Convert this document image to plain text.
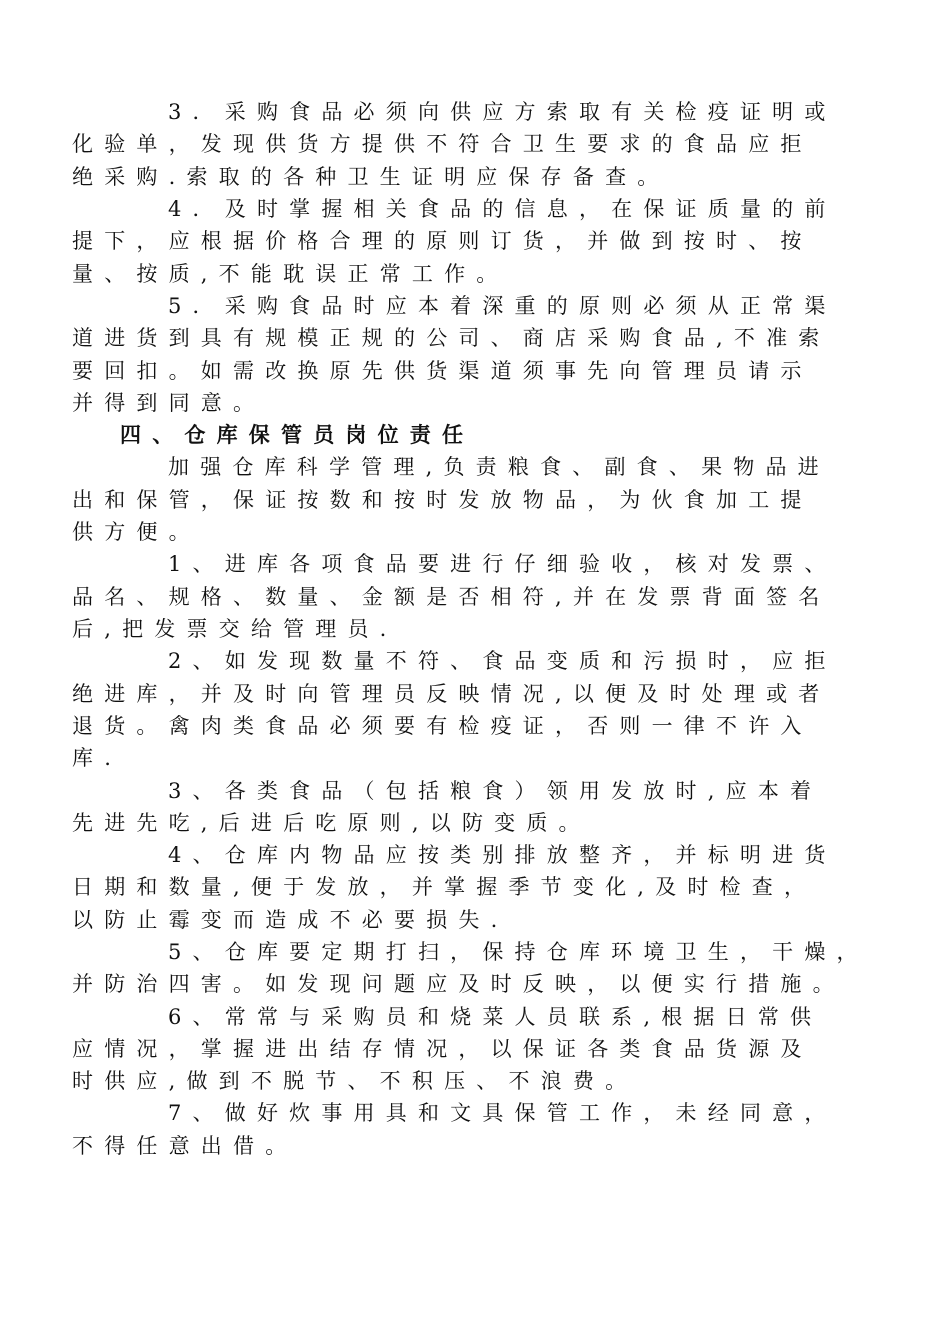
3．采购食品必须向供应方索取有关检疫证明或
化验单，发现供货方提供不符合卫生要求的食品应拒
绝采购.索取的各种卫生证明应保存备查。
4．及时掌握相关食品的信息，在保证质量的前
提下，应根据价格合理的原则订货，并做到按时、按
量、按质,不能耽误正常工作。
5．采购食品时应本着深重的原则必须从正常渠
道进货到具有规模正规的公司、商店采购食品,不准索
要回扣。如需改换原先供货渠道须事先向管理员请示
并得到同意。
四、仓库保管员岗位责任
加强仓库科学管理,负责粮食、副食、果物品进
出和保管，保证按数和按时发放物品，为伙食加工提
供方便。
1、进库各项食品要进行仔细验收，核对发票、
品名、规格、数量、金额是否相符,并在发票背面签名
后,把发票交给管理员.
2、如发现数量不符、食品变质和污损时，应拒
绝进库，并及时向管理员反映情况,以便及时处理或者
退货。禽肉类食品必须要有检疫证，否则一律不许入
库.
3、各类食品（包括粮食）领用发放时,应本着
先进先吃,后进后吃原则,以防变质。
4、仓库内物品应按类别排放整齐，并标明进货
日期和数量,便于发放，并掌握季节变化,及时检查，
以防止霉变而造成不必要损失.
5、仓库要定期打扫，保持仓库环境卫生，干燥，
并防治四害。如发现问题应及时反映，以便实行措施。
6、常常与采购员和烧菜人员联系,根据日常供
应情况，掌握进出结存情况，以保证各类食品货源及
时供应,做到不脱节、不积压、不浪费。
7、做好炊事用具和文具保管工作，未经同意，
不得任意出借。
